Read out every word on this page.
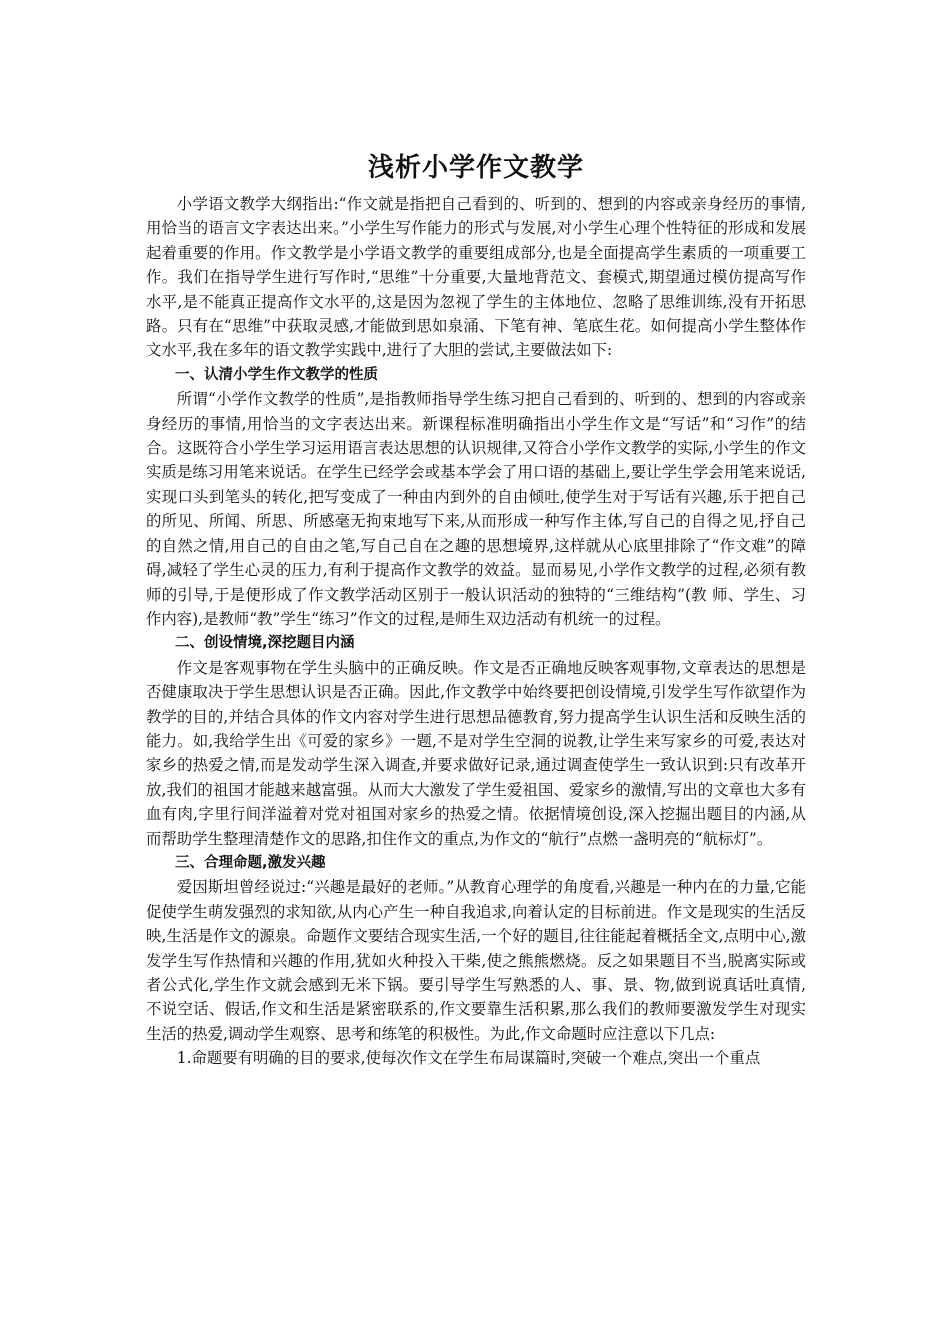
浅析小学作文教学

小学语文教学大纲指出:“作文就是指把自己看到的、听到的、想到的内容或亲身经历的事情,用恰当的语言文字表达出来。”小学生写作能力的形式与发展,对小学生心理个性特征的形成和发展起着重要的作用。作文教学是小学语文教学的重要组成部分,也是全面提高学生素质的一项重要工作。我们在指导学生进行写作时,“思维”十分重要,大量地背范文、套模式,期望通过模仿提高写作水平,是不能真正提高作文水平的,这是因为忽视了学生的主体地位、忽略了思维训练,没有开拓思路。只有在“思维”中获取灵感,才能做到思如泉涌、下笔有神、笔底生花。如何提高小学生整体作文水平,我在多年的语文教学实践中,进行了大胆的尝试,主要做法如下:

一、认清小学生作文教学的性质

所谓“小学作文教学的性质”,是指教师指导学生练习把自己看到的、听到的、想到的内容或亲身经历的事情,用恰当的文字表达出来。新课程标准明确指出小学生作文是“写话”和“习作”的结合。这既符合小学生学习运用语言表达思想的认识规律,又符合小学作文教学的实际,小学生的作文实质是练习用笔来说话。在学生已经学会或基本学会了用口语的基础上,要让学生学会用笔来说话,实现口头到笔头的转化,把写变成了一种由内到外的自由倾吐,使学生对于写话有兴趣,乐于把自己的所见、所闻、所思、所感毫无拘束地写下来,从而形成一种写作主体,写自己的自得之见,抒自己的自然之情,用自己的自由之笔,写自己自在之趣的思想境界,这样就从心底里排除了“作文难”的障碍,减轻了学生心灵的压力,有利于提高作文教学的效益。显而易见,小学作文教学的过程,必须有教师的引导,于是便形成了作文教学活动区别于一般认识活动的独特的“三维结构”(教 师、学生、习作内容),是教师“教”学生“练习”作文的过程,是师生双边活动有机统一的过程。

二、创设情境,深挖题目内涵

作文是客观事物在学生头脑中的正确反映。作文是否正确地反映客观事物,文章表达的思想是否健康取决于学生思想认识是否正确。因此,作文教学中始终要把创设情境,引发学生写作欲望作为教学的目的,并结合具体的作文内容对学生进行思想品德教育,努力提高学生认识生活和反映生活的能力。如,我给学生出《可爱的家乡》一题,不是对学生空洞的说教,让学生来写家乡的可爱,表达对家乡的热爱之情,而是发动学生深入调查,并要求做好记录,通过调查使学生一致认识到:只有改革开放,我们的祖国才能越来越富强。从而大大激发了学生爱祖国、爱家乡的激情,写出的文章也大多有血有肉,字里行间洋溢着对党对祖国对家乡的热爱之情。依据情境创设,深入挖掘出题目的内涵,从而帮助学生整理清楚作文的思路,扣住作文的重点,为作文的“航行”点燃一盏明亮的“航标灯”。

三、合理命题,激发兴趣

爱因斯坦曾经说过:“兴趣是最好的老师。”从教育心理学的角度看,兴趣是一种内在的力量,它能促使学生萌发强烈的求知欲,从内心产生一种自我追求,向着认定的目标前进。作文是现实的生活反映,生活是作文的源泉。命题作文要结合现实生活,一个好的题目,往往能起着概括全文,点明中心,激发学生写作热情和兴趣的作用,犹如火种投入干柴,使之熊熊燃烧。反之如果题目不当,脱离实际或者公式化,学生作文就会感到无米下锅。要引导学生写熟悉的人、事、景、物,做到说真话吐真情,不说空话、假话,作文和生活是紧密联系的,作文要靠生活积累,那么我们的教师要激发学生对现实生活的热爱,调动学生观察、思考和练笔的积极性。为此,作文命题时应注意以下几点:

1.命题要有明确的目的要求,使每次作文在学生布局谋篇时,突破一个难点,突出一个重点
